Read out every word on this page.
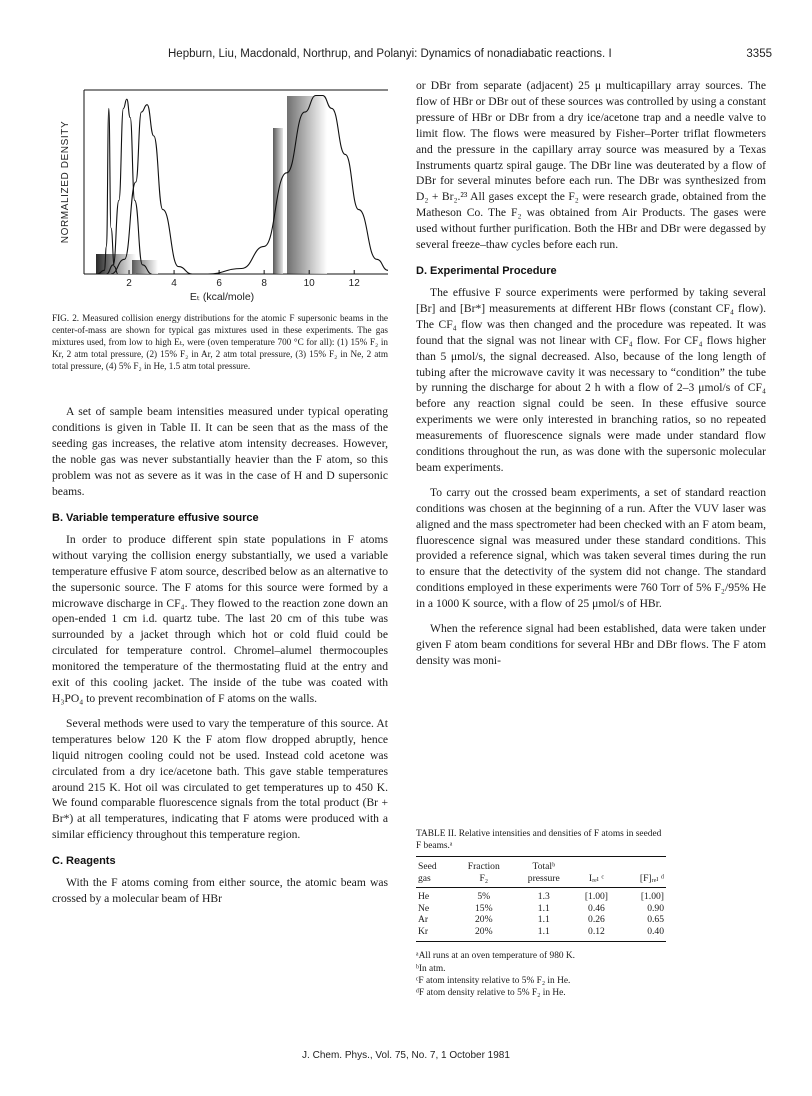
Hepburn, Liu, Macdonald, Northrup, and Polanyi: Dynamics of nonadiabatic reactions. I	3355
2	4	6	8	10	12
NORMALIZED DENSITY
Eₜ (kcal/mole)

FIG. 2. Measured collision energy distributions for the atomic F supersonic beams in the center-of-mass are shown for typical gas mixtures used in these experiments. The gas mixtures used, from low to high Eₜ, were (oven temperature 700 °C for all): (1) 15% F₂ in Kr, 2 atm total pressure, (2) 15% F₂ in Ar, 2 atm total pressure, (3) 15% F₂ in Ne, 2 atm total pressure, (4) 5% F₂ in He, 1.5 atm total pressure.

A set of sample beam intensities measured under typical operating conditions is given in Table II. It can be seen that as the mass of the seeding gas increases, the relative atom intensity decreases. However, the noble gas was never substantially heavier than the F atom, so this problem was not as severe as it was in the case of H and D supersonic beams.

B. Variable temperature effusive source

In order to produce different spin state populations in F atoms without varying the collision energy substantially, we used a variable temperature effusive F atom source, described below as an alternative to the supersonic source. The F atoms for this source were formed by a microwave discharge in CF₄. They flowed to the reaction zone down an open-ended 1 cm i.d. quartz tube. The last 20 cm of this tube was surrounded by a jacket through which hot or cold fluid could be circulated for temperature control. Chromel–alumel thermocouples monitored the temperature of the thermostating fluid at the entry and exit of this cooling jacket. The inside of the tube was coated with H₃PO₄ to prevent recombination of F atoms on the walls.

Several methods were used to vary the temperature of this source. At temperatures below 120 K the F atom flow dropped abruptly, hence liquid nitrogen cooling could not be used. Instead cold acetone was circulated from a dry ice/acetone bath. This gave stable temperatures around 215 K. Hot oil was circulated to get temperatures up to 450 K. We found comparable fluorescence signals from the total product (Br + Br*) at all temperatures, indicating that F atoms were produced with a similar efficiency throughout this temperature region.

C. Reagents

With the F atoms coming from either source, the atomic beam was crossed by a molecular beam of HBr

or DBr from separate (adjacent) 25 μ multicapillary array sources. The flow of HBr or DBr out of these sources was controlled by using a constant pressure of HBr or DBr from a dry ice/acetone trap and a needle valve to limit flow. The flows were measured by Fisher–Porter triflat flowmeters and the pressure in the capillary array source was measured by a Texas Instruments quartz spiral gauge. The DBr line was deuterated by a flow of DBr for several minutes before each run. The DBr was synthesized from D₂ + Br₂.²³ All gases except the F₂ were research grade, obtained from the Matheson Co. The F₂ was obtained from Air Products. The gases were used without further purification. Both the HBr and DBr were degassed by several freeze–thaw cycles before each run.

D. Experimental Procedure

The effusive F source experiments were performed by taking several [Br] and [Br*] measurements at different HBr flows (constant CF₄ flow). The CF₄ flow was then changed and the procedure was repeated. It was found that the signal was not linear with CF₄ flow. For CF₄ flows higher than 5 μmol/s, the signal decreased. Also, because of the long length of tubing after the microwave cavity it was necessary to “condition” the tube by running the discharge for about 2 h with a flow of 2–3 μmol/s of CF₄ before any reaction signal could be seen. In these effusive source experiments we were only interested in branching ratios, so no repeated measurements of fluorescence signals were made under standard flow conditions throughout the run, as was done with the supersonic molecular beam experiments.

To carry out the crossed beam experiments, a set of standard reaction conditions was chosen at the beginning of a run. After the VUV laser was aligned and the mass spectrometer had been checked with an F atom beam, fluorescence signal was measured under these standard conditions. This provided a reference signal, which was taken several times during the run to ensure that the detectivity of the system did not change. The standard conditions employed in these experiments were 760 Torr of 5% F₂/95% He in a 1000 K source, with a flow of 25 μmol/s of HBr.

When the reference signal had been established, data were taken under given F atom beam conditions for several HBr and DBr flows. The F atom density was moni-

TABLE II. Relative intensities and densities of F atoms in seeded F beams.ᵃ

Seed	Fraction	Totalᵇ		
gas	F₂	pressure	Iᵣₑₗ ᶜ	[F]ᵣₑₗ ᵈ
He	5%	1.3	[1.00]	[1.00]
Ne	15%	1.1	0.46	0.90
Ar	20%	1.1	0.26	0.65
Kr	20%	1.1	0.12	0.40
ᵃAll runs at an oven temperature of 980 K.
ᵇIn atm.
ᶜF atom intensity relative to 5% F₂ in He.
ᵈF atom density relative to 5% F₂ in He.
J. Chem. Phys., Vol. 75, No. 7, 1 October 1981
